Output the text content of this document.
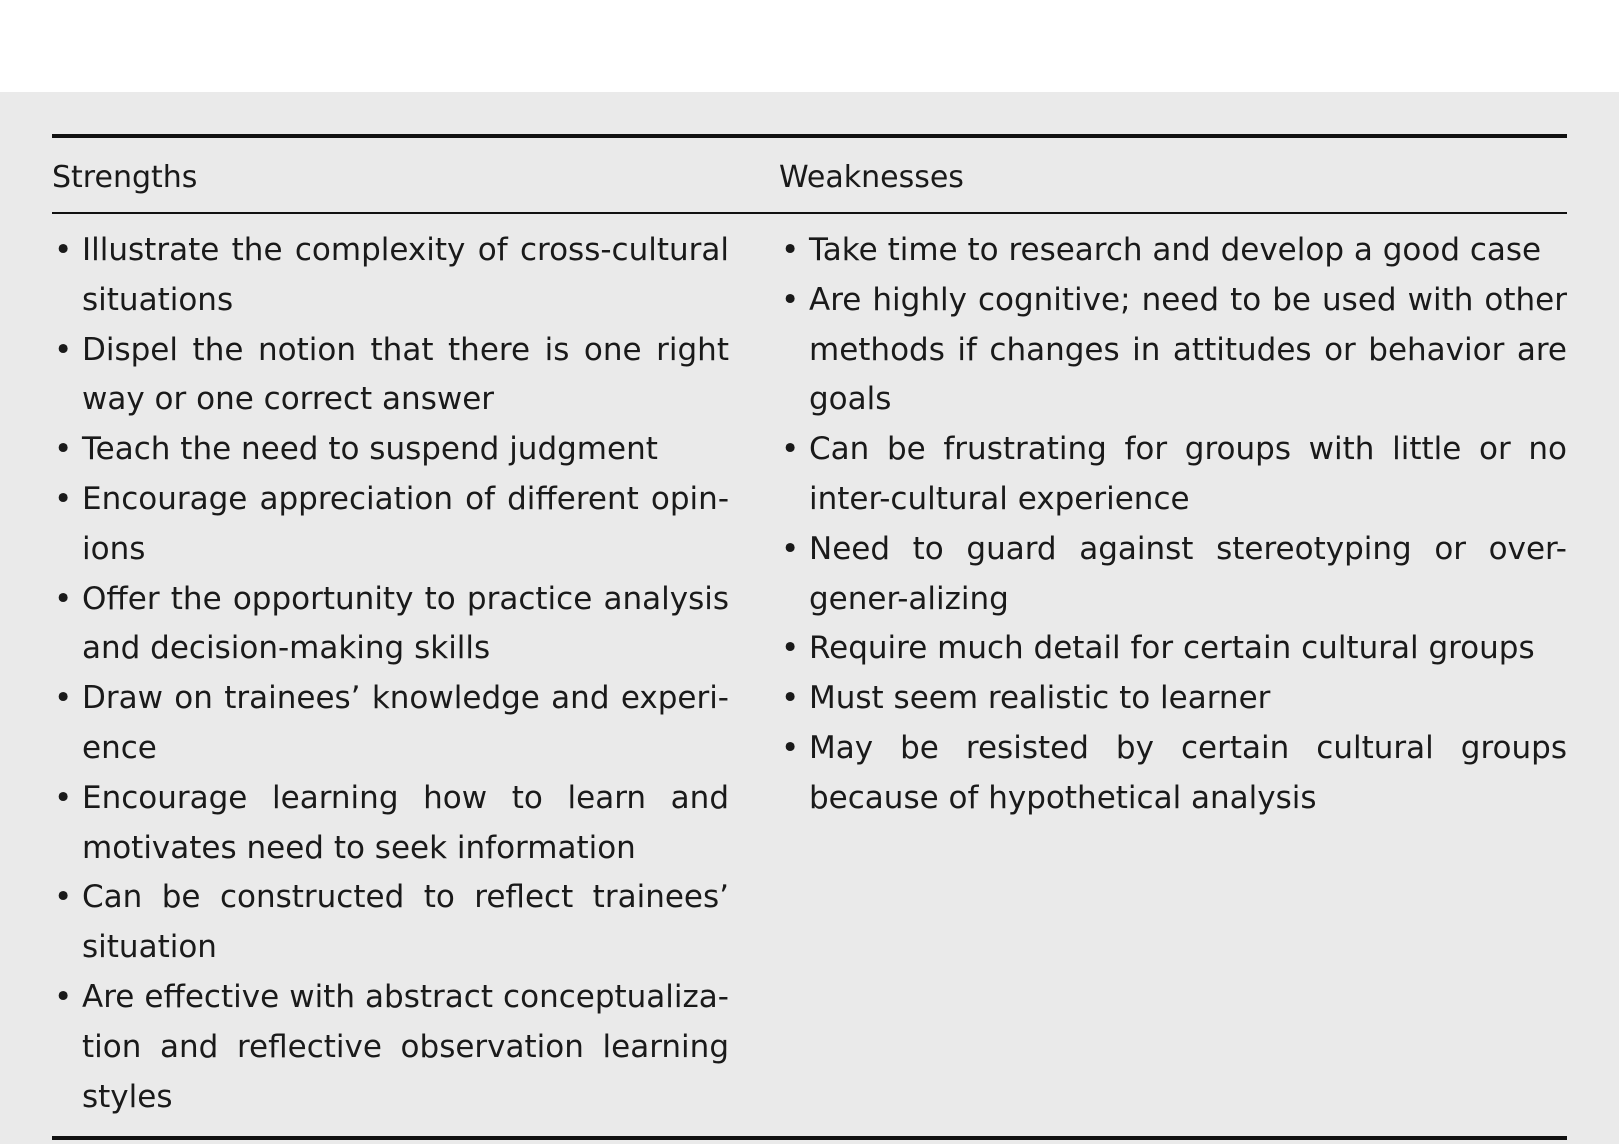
Strengths	Weaknesses
• Illustrate the complexity of cross-cultural situations
• Dispel the notion that there is one right way or one correct answer
• Teach the need to suspend judgment
• Encourage appreciation of different opin-ions
• Offer the opportunity to practice analysis and decision-making skills
• Draw on trainees’ knowledge and experi-ence
• Encourage learning how to learn and motivates need to seek information
• Can be constructed to reflect trainees’ situation
• Are effective with abstract conceptualiza-tion and reflective observation learning styles
• Take time to research and develop a good case
• Are highly cognitive; need to be used with other methods if changes in attitudes or behavior are goals
• Can be frustrating for groups with little or no inter-cultural experience
• Need to guard against stereotyping or over-gener-alizing
• Require much detail for certain cultural groups
• Must seem realistic to learner
• May be resisted by certain cultural groups because of hypothetical analysis
